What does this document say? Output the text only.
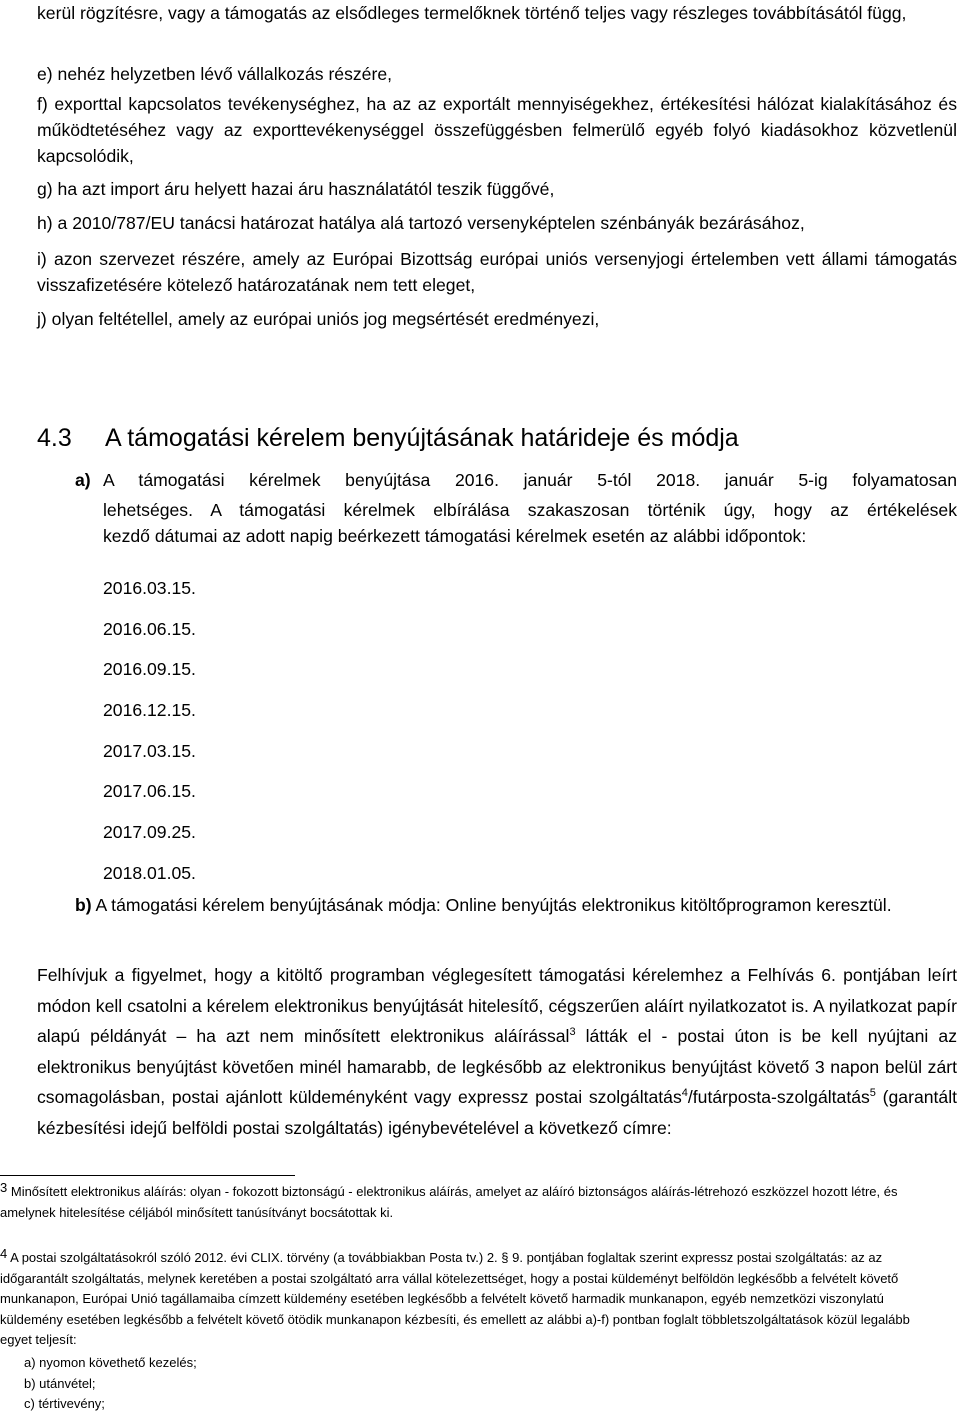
kerül rögzítésre, vagy a támogatás az elsődleges termelőknek történő teljes vagy részleges továbbításától függ,

e) nehéz helyzetben lévő vállalkozás részére,

f) exporttal kapcsolatos tevékenységhez, ha az az exportált mennyiségekhez, értékesítési hálózat kialakításához és működtetéséhez vagy az exporttevékenységgel összefüggésben felmerülő egyéb folyó kiadásokhoz közvetlenül kapcsolódik,

g) ha azt import áru helyett hazai áru használatától teszik függővé,

h) a 2010/787/EU tanácsi határozat hatálya alá tartozó versenyképtelen szénbányák bezárásához,

i) azon szervezet részére, amely az Európai Bizottság európai uniós versenyjogi értelemben vett állami támogatás visszafizetésére kötelező határozatának nem tett eleget,

j) olyan feltétellel, amely az európai uniós jog megsértését eredményezi,

4.3 A támogatási kérelem benyújtásának határideje és módja

a) A támogatási kérelmek benyújtása 2016. január 5-tól 2018. január 5-ig folyamatosan

lehetséges. A támogatási kérelmek elbírálása szakaszosan történik úgy, hogy az értékelések

kezdő dátumai az adott napig beérkezett támogatási kérelmek esetén az alábbi időpontok:

2016.03.15.
2016.06.15.
2016.09.15.
2016.12.15.
2017.03.15.
2017.06.15.
2017.09.25.
2018.01.05.

b) A támogatási kérelem benyújtásának módja: Online benyújtás elektronikus kitöltőprogramon keresztül.

Felhívjuk a figyelmet, hogy a kitöltő programban véglegesített támogatási kérelemhez a Felhívás 6. pontjában leírt módon kell csatolni a kérelem elektronikus benyújtását hitelesítő, cégszerűen aláírt nyilatkozatot is. A nyilatkozat papír alapú példányát – ha azt nem minősített elektronikus aláírással$^3$ látták el - postai úton is be kell nyújtani az elektronikus benyújtást követően minél hamarabb, de legkésőbb az elektronikus benyújtást követő 3 napon belül zárt csomagolásban, postai ajánlott küldeményként vagy expressz postai szolgáltatás$^4$/futárposta-szolgáltatás$^5$ (garantált kézbesítési idejű belföldi postai szolgáltatás) igénybevételével a következő címre:

$^3$ Minősített elektronikus aláírás: olyan - fokozott biztonságú - elektronikus aláírás, amelyet az aláíró biztonságos aláírás-létrehozó eszközzel hozott létre, és amelynek hitelesítése céljából minősített tanúsítványt bocsátottak ki.

$^4$ A postai szolgáltatásokról szóló 2012. évi CLIX. törvény (a továbbiakban Posta tv.) 2. § 9. pontjában foglaltak szerint expressz postai szolgáltatás: az az időgarantált szolgáltatás, melynek keretében a postai szolgáltató arra vállal kötelezettséget, hogy a postai küldeményt belföldön legkésőbb a felvételt követő munkanapon, Európai Unió tagállamaiba címzett küldemény esetében legkésőbb a felvételt követő harmadik munkanapon, egyéb nemzetközi viszonylatú küldemény esetében legkésőbb a felvételt követő ötödik munkanapon kézbesíti, és emellett az alábbi a)-f) pontban foglalt többletszolgáltatások közül legalább egyet teljesít:

a) nyomon követhető kezelés;
b) utánvétel;
c) tértivevény;
